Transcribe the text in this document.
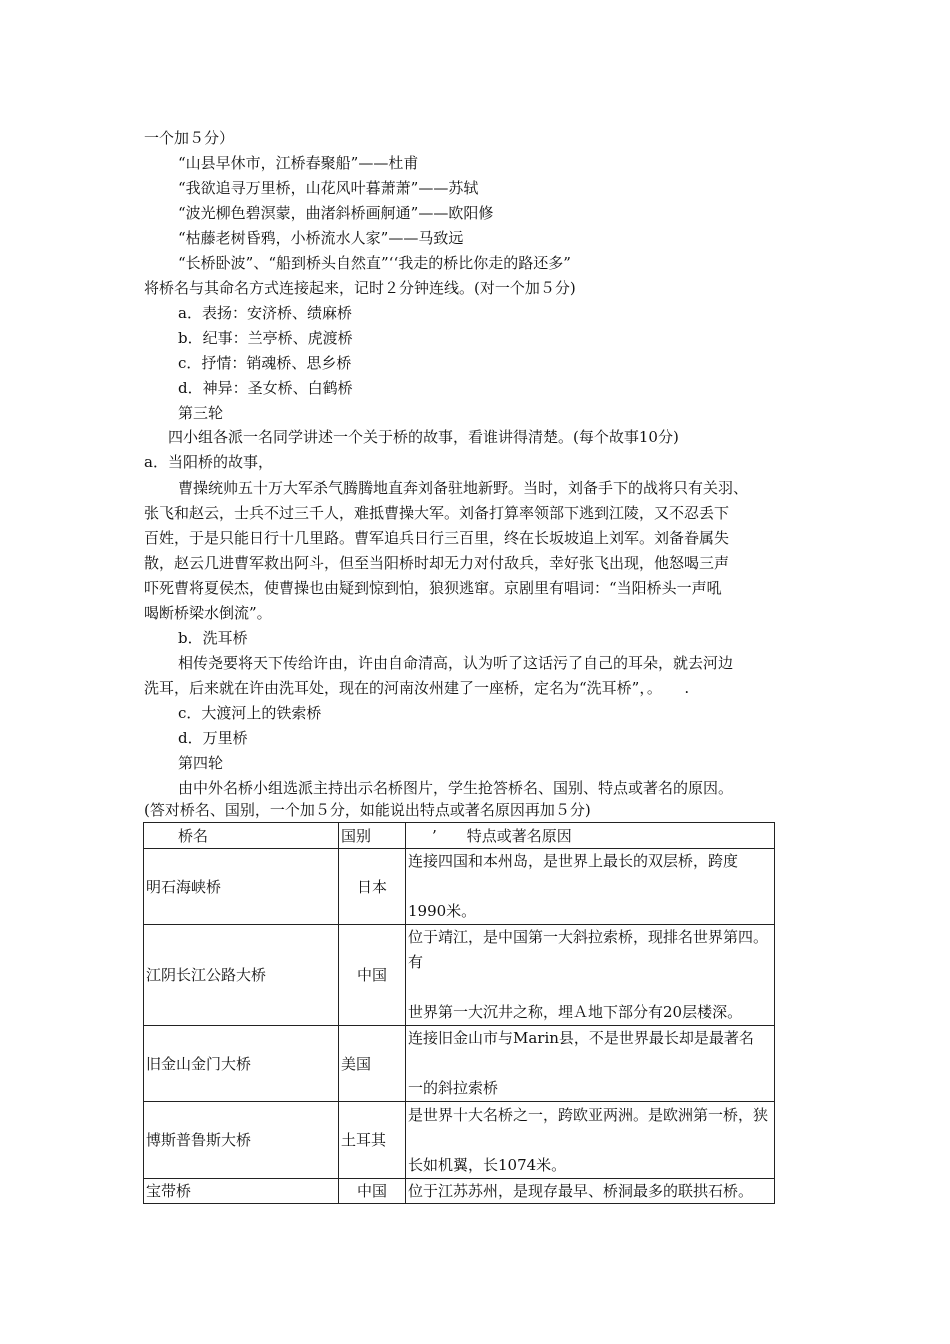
一个加５分）
“山县早休市，江桥春聚船”——杜甫
“我欲追寻万里桥，山花风叶暮萧萧”——苏轼
“波光柳色碧溟蒙，曲渚斜桥画舸通”——欧阳修
“枯藤老树昏鸦，小桥流水人家”——马致远
“长桥卧波”、“船到桥头自然直”‘‘我走的桥比你走的路还多”
将桥名与其命名方式连接起来，记时２分钟连线。(对一个加５分)
a．表扬：安济桥、绩麻桥
b．纪事：兰亭桥、虎渡桥
c．抒情：销魂桥、思乡桥
d．神异：圣女桥、白鹤桥
第三轮
四小组各派一名同学讲述一个关于桥的故事，看谁讲得清楚。(每个故事10分)
a．当阳桥的故事，
曹操统帅五十万大军杀气腾腾地直奔刘备驻地新野。当时，刘备手下的战将只有关羽、
张飞和赵云，士兵不过三千人，难抵曹操大军。刘备打算率领部下逃到江陵，又不忍丢下
百姓，于是只能日行十几里路。曹军追兵日行三百里，终在长坂坡追上刘军。刘备眷属失
散，赵云几进曹军救出阿斗，但至当阳桥时却无力对付敌兵，幸好张飞出现，他怒喝三声
吓死曹将夏侯杰，使曹操也由疑到惊到怕，狼狈逃窜。京剧里有唱词：“当阳桥头一声吼
喝断桥梁水倒流”。
b．洗耳桥
相传尧要将天下传给许由，许由自命清高，认为听了这话污了自己的耳朵，就去河边
洗耳，后来就在许由洗耳处，现在的河南汝州建了一座桥，定名为“洗耳桥”，。　　.
c．大渡河上的铁索桥
d．万里桥
第四轮
由中外名桥小组选派主持出示名桥图片，学生抢答桥名、国别、特点或著名的原因。
(答对桥名、国别，一个加５分，如能说出特点或著名原因再加５分)
桥名	国别	’　　特点或著名原因
明石海峡桥	日本	连接四国和本州岛，是世界上最长的双层桥，跨度
1990米。

江阴长江公路大桥	中国	位于靖江，是中国第一大斜拉索桥，现排名世界第四。
有
世界第一大沉井之称，埋Ａ地下部分有20层楼深。

旧金山金门大桥	美国	连接旧金山市与Marin县，不是世界最长却是最著名
一的斜拉索桥

博斯普鲁斯大桥	土耳其	是世界十大名桥之一，跨欧亚两洲。是欧洲第一桥，狭
长如机翼，长1074米。

宝带桥	中国	位于江苏苏州，是现存最早、桥洞最多的联拱石桥。
